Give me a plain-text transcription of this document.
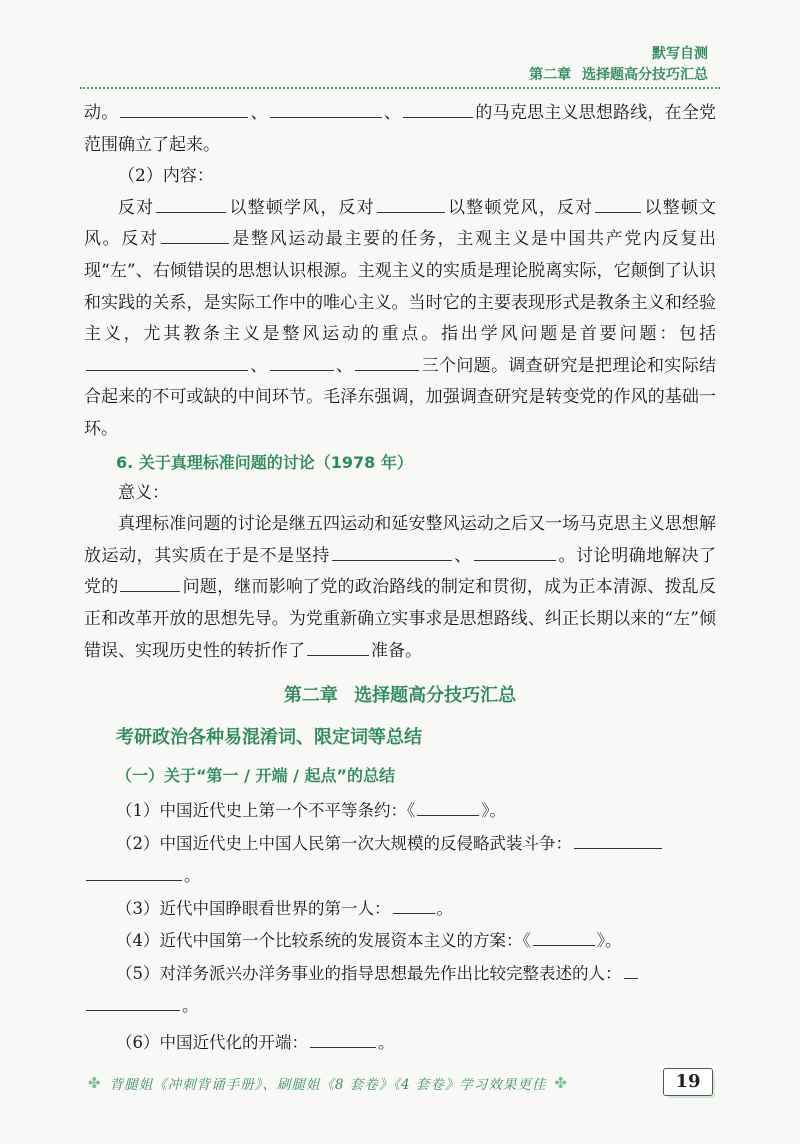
默写自测
第二章 选择题高分技巧汇总

动。	、	、	的马克思主义思想路线，在全党范围确立了起来。

（2）内容：

反对	以整顿学风，反对	以整顿党风，反对	以整顿文风。反对	是整风运动最主要的任务，主观主义是中国共产党内反复出现“左”、右倾错误的思想认识根源。主观主义的实质是理论脱离实际，它颠倒了认识和实践的关系，是实际工作中的唯心主义。当时它的主要表现形式是教条主义和经验主义，尤其教条主义是整风运动的重点。指出学风问题是首要问题：包括、	、	三个问题。调查研究是把理论和实际结合起来的不可或缺的中间环节。毛泽东强调，加强调查研究是转变党的作风的基础一环。

6. 关于真理标准问题的讨论（1978 年）

意义：

真理标准问题的讨论是继五四运动和延安整风运动之后又一场马克思主义思想解放运动，其实质在于是不是坚持	、	。讨论明确地解决了党的	问题，继而影响了党的政治路线的制定和贯彻，成为正本清源、拨乱反正和改革开放的思想先导。为党重新确立实事求是思想路线、纠正长期以来的“左”倾错误、实现历史性的转折作了	准备。

第二章 选择题高分技巧汇总
考研政治各种易混淆词、限定词等总结
（一）关于“第一 / 开端 / 起点”的总结

（1）中国近代史上第一个不平等条约：《	》。

（2）中国近代史上中国人民第一次大规模的反侵略武装斗争：

。

（3）近代中国睁眼看世界的第一人：	。

（4）近代中国第一个比较系统的发展资本主义的方案：《	》。

（5）对洋务派兴办洋务事业的指导思想最先作出比较完整表述的人：

。

（6）中国近代化的开端：	。

✤ 背腿姐《冲刺背诵手册》、刷腿姐《8 套卷》《4 套卷》学习效果更佳 ✤	19
